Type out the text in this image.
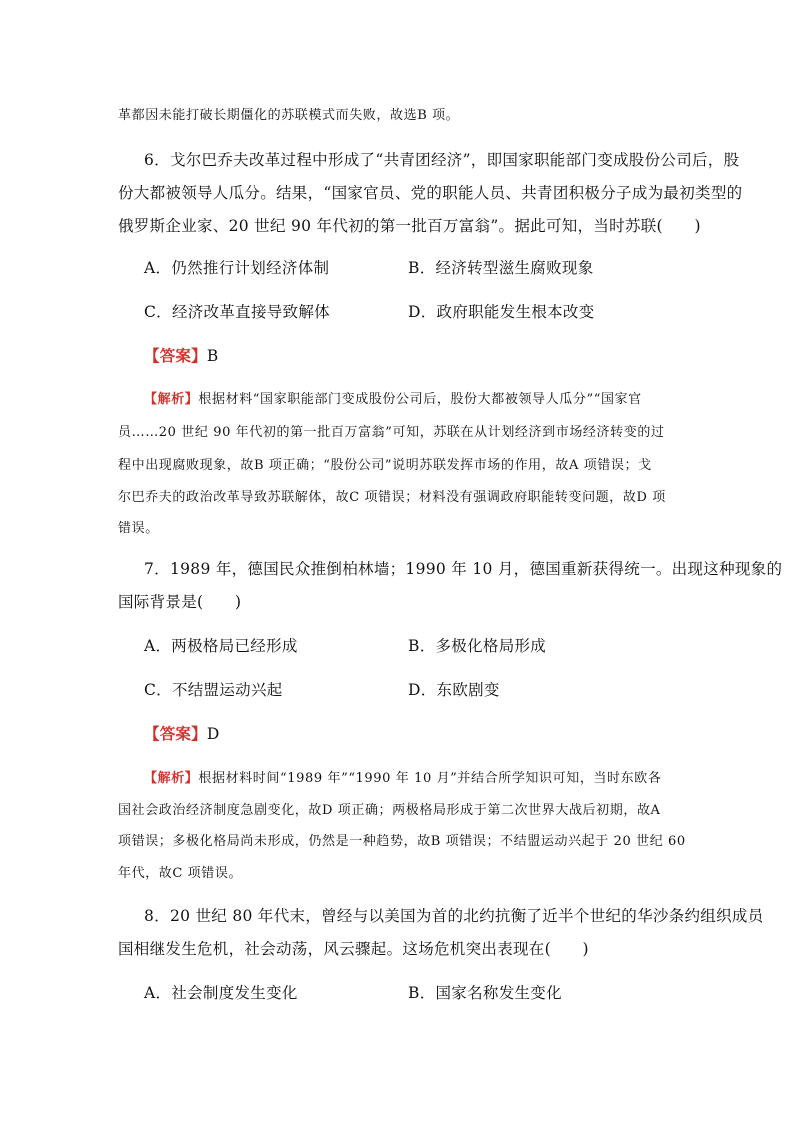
革都因未能打破长期僵化的苏联模式而失败，故选B 项。
6．戈尔巴乔夫改革过程中形成了“共青团经济”，即国家职能部门变成股份公司后，股
份大都被领导人瓜分。结果，“国家官员、党的职能人员、共青团积极分子成为最初类型的
俄罗斯企业家、20 世纪 90 年代初的第一批百万富翁”。据此可知，当时苏联(　　)
A．仍然推行计划经济体制	B．经济转型滋生腐败现象
C．经济改革直接导致解体	D．政府职能发生根本改变
【答案】B
【解析】根据材料“国家职能部门变成股份公司后，股份大都被领导人瓜分”“国家官
员……20 世纪 90 年代初的第一批百万富翁”可知，苏联在从计划经济到市场经济转变的过
程中出现腐败现象，故B 项正确；“股份公司”说明苏联发挥市场的作用，故A 项错误；戈
尔巴乔夫的政治改革导致苏联解体，故C 项错误；材料没有强调政府职能转变问题，故D 项
错误。
7．1989 年，德国民众推倒柏林墙；1990 年 10 月，德国重新获得统一。出现这种现象的
国际背景是(　　)
A．两极格局已经形成	B．多极化格局形成
C．不结盟运动兴起	D．东欧剧变
【答案】D
【解析】根据材料时间“1989 年”“1990 年 10 月”并结合所学知识可知，当时东欧各
国社会政治经济制度急剧变化，故D 项正确；两极格局形成于第二次世界大战后初期，故A
项错误；多极化格局尚未形成，仍然是一种趋势，故B 项错误；不结盟运动兴起于 20 世纪 60
年代，故C 项错误。
8．20 世纪 80 年代末，曾经与以美国为首的北约抗衡了近半个世纪的华沙条约组织成员
国相继发生危机，社会动荡，风云骤起。这场危机突出表现在(　　)
A．社会制度发生变化	B．国家名称发生变化
